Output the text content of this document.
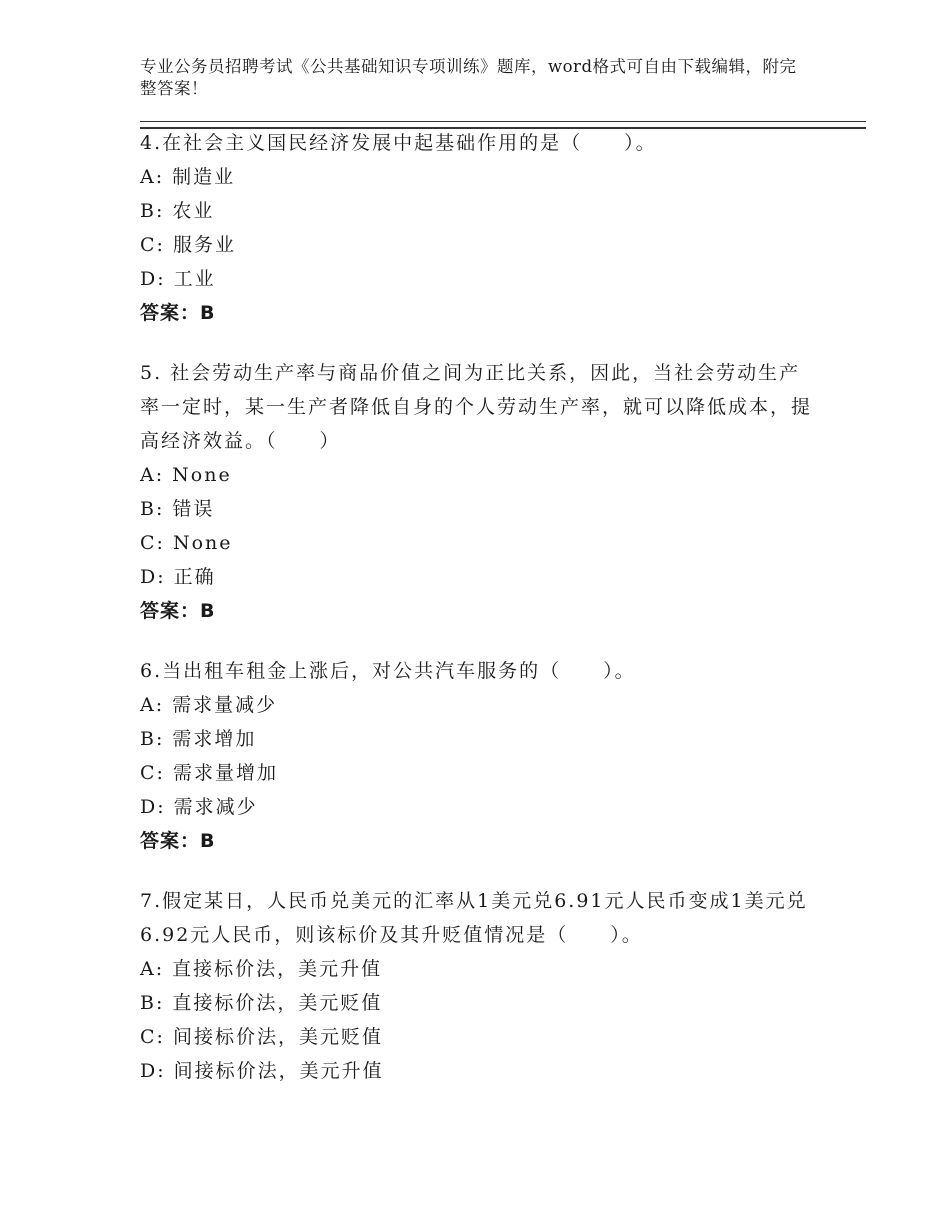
专业公务员招聘考试《公共基础知识专项训练》题库，word格式可自由下载编辑，附完整答案！
4.在社会主义国民经济发展中起基础作用的是（　　）。
A: 制造业
B: 农业
C: 服务业
D: 工业
答案：B
5. 社会劳动生产率与商品价值之间为正比关系，因此，当社会劳动生产率一定时，某一生产者降低自身的个人劳动生产率，就可以降低成本，提高经济效益。（　　）
A: None
B: 错误
C: None
D: 正确
答案：B
6.当出租车租金上涨后，对公共汽车服务的（　　）。
A: 需求量减少
B: 需求增加
C: 需求量增加
D: 需求减少
答案：B
7.假定某日，人民币兑美元的汇率从1美元兑6.91元人民币变成1美元兑6.92元人民币，则该标价及其升贬值情况是（　　）。
A: 直接标价法，美元升值
B: 直接标价法，美元贬值
C: 间接标价法，美元贬值
D: 间接标价法，美元升值
